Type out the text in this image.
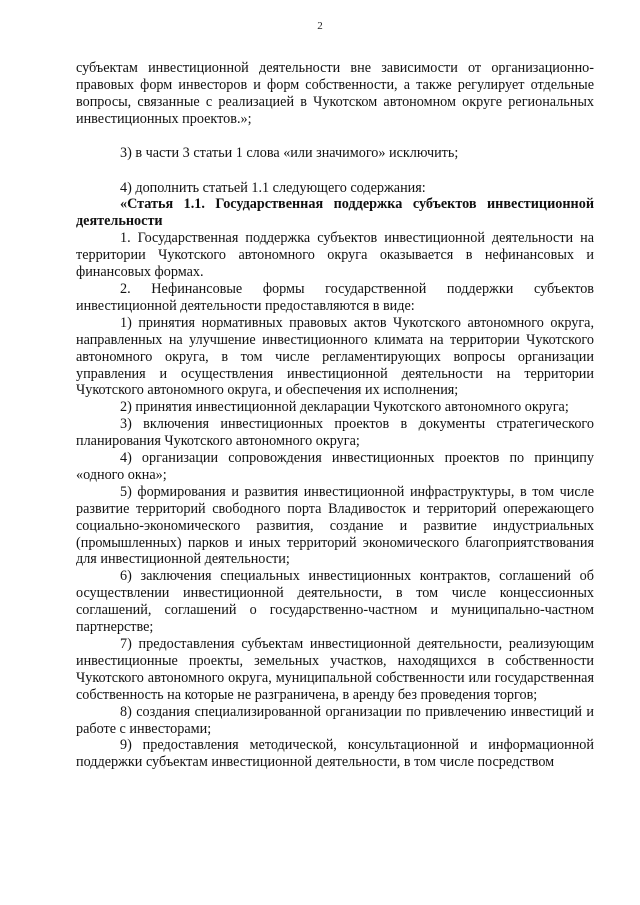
2

субъектам инвестиционной деятельности вне зависимости от организационно-правовых форм инвесторов и форм собственности, а также регулирует отдельные вопросы, связанные с реализацией в Чукотском автономном округе региональных инвестиционных проектов.»;

3) в части 3 статьи 1 слова «или значимого» исключить;

4) дополнить статьей 1.1 следующего содержания:

«Статья 1.1. Государственная поддержка субъектов инвестиционной деятельности

1. Государственная поддержка субъектов инвестиционной деятельности на территории Чукотского автономного округа оказывается в нефинансовых и финансовых формах.

2. Нефинансовые формы государственной поддержки субъектов инвестиционной деятельности предоставляются в виде:

1) принятия нормативных правовых актов Чукотского автономного округа, направленных на улучшение инвестиционного климата на территории Чукотского автономного округа, в том числе регламентирующих вопросы организации управления и осуществления инвестиционной деятельности на территории Чукотского автономного округа, и обеспечения их исполнения;

2) принятия инвестиционной декларации Чукотского автономного округа;

3) включения инвестиционных проектов в документы стратегического планирования Чукотского автономного округа;

4) организации сопровождения инвестиционных проектов по принципу «одного окна»;

5) формирования и развития инвестиционной инфраструктуры, в том числе развитие территорий свободного порта Владивосток и территорий опережающего социально-экономического развития, создание и развитие индустриальных (промышленных) парков и иных территорий экономического благоприятствования для инвестиционной деятельности;

6) заключения специальных инвестиционных контрактов, соглашений об осуществлении инвестиционной деятельности, в том числе концессионных соглашений, соглашений о государственно-частном и муниципально-частном партнерстве;

7) предоставления субъектам инвестиционной деятельности, реализующим инвестиционные проекты, земельных участков, находящихся в собственности Чукотского автономного округа, муниципальной собственности или государственная собственность на которые не разграничена, в аренду без проведения торгов;

8) создания специализированной организации по привлечению инвестиций и работе с инвесторами;

9) предоставления методической, консультационной и информационной поддержки субъектам инвестиционной деятельности, в том числе посредством
